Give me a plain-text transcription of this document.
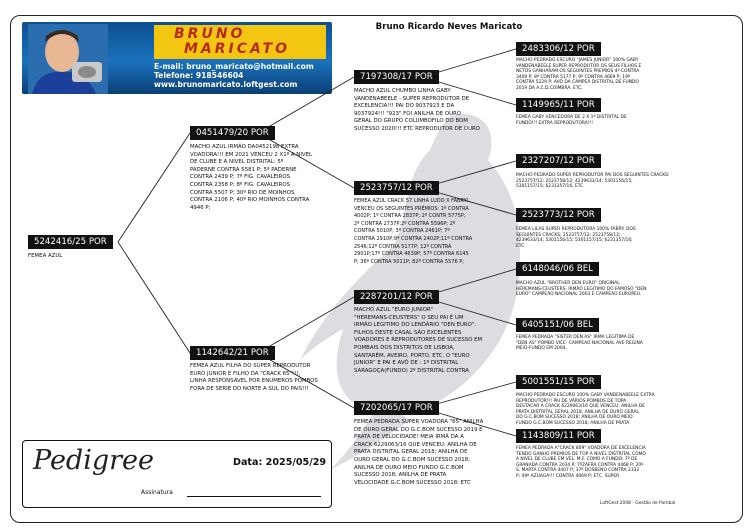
BRUNO
MARICATO
E-mail: bruno_maricato@hotmail.com
Telefone: 918546604
www.brunomaricato.loftgest.com
Bruno Ricardo Neves Maricato
5242416/25 POR
FEMEA AZUL
0451479/20 POR
MACHO AZUL IRMÃO DA0452196 EXTRA
VOADORA!!! EM 2021 VENCEU 2 X1º A NIVEL
DE CLUBE E A NIVEL DISTRITAL: 5º
PADERNE CONTRA 5581 P; 5º PADERNE
CONTRA 2439 P; 7º FIG. CAVALEIROS
CONTRA 2358 P; 8º FIG. CAVALEIROS
CONTRA 5507 P; 30º RIO DE MOINHOS
CONTRA 2106 P; 40º RIO MOINHOS CONTRA
4946 P;
1142642/21 POR
FEMEA AZUL FILHA DO SUPER REPRODUTOR
EURO JUNIOR E FILHO DA "CRACK 65"!!!,
LINHA RESPONSAVEL POR ENUMEROS POMBOS
FORA DE SERIE DO NORTE A SUL DO PAIS!!!
7197308/17 POR
MACHO AZUL CHUMBO LINHA GABY
VANDENABEELE - SUPER REPRODUTOR DE
EXCELENCIA!!! PAI DO 9037923 E DA
9037924!!! "923" FOI ANILHA DE OURO
GERAL DO GRUPO COLUMBOFILO DO BOM
SUCESSO 2020!!! ETC REPRODUTOR DE OURO
2523757/12 POR
FEMEA AZUL CRACK 57 LINHA LUDO X FABRY!
VENCEU OS SEGUINTES PRÉMIOS: 1º CONTRA
4002P; 1º CONTRA 2837P; 2º CONTR 5775P;
2º CONTRA 2737P;2º CONTRA 5596P; 2º
CONTRA 5010P; 3º CONTRA 2461P; 7º
CONTRA 2910P;9º CONTRA 2402P;11º CONTRA
2546;12º CONTRA 5177P; 12º CONTRA
2901P;17º CONTRA 4639P; 57º CONTRA 6145
P; 36º CONTRA 5011P; 82º CONTRA 5576 P;
2287201/12 POR
MACHO AZUL "EURO JUNIOR"
"HEREMANS-CEUSTERS" O SEU PAI É UM
IRMÃO LEGITIMO DO LENDÁRIO "DEN EURO".
FILHOS DESTE CASAL SÃO EXCELENTES
VOADORES E REPRODUTORES DE SUCESSO EM
POMBAIS DOS DISTRITOS DE LISBOA,
SANTARÉM, AVEIRO, PORTO, ETC. O "EURO
JUNIOR" E PAI E AVÔ DE : 1º DISTRITAL
SARAGOÇA(FUNDO) 2º DISTRITAL CONTRA
7202065/17 POR
FEMEA PEDRADA SUPER VOADORA "65" ANILHA
DE OURO GERAL DO G.C.BOM SUCESSO 2019 E
PRATA DE VELOCIDADE! MEIA IRMÃ DA A
CRACK 6229063/16 QUE VENCEU: ANILHA DE
PRATA DISTRITAL GERAL 2018; ANILHA DE
OURO GERAL DO G.C.BOM SUCESSO 2018;
ANILHA DE OURO MEIO FUNDO G.C.BOM
SUCESSO 2018; ANILHA DE PRATA
VELOCIDADE G.C.BOM SUCESSO 2018; ETC
2483306/12 POR
MACHO PEDRADO ESCURO "JAMES JUNIOR" 100% GABY
VANDENABEELE SUPER REPRODUTOR OS SEUS FILHOS E
NETOS GANHARAM OS SEGUINTES PREMIOS 4º CONTRA
3409 P; 8º CONTRA 5177 P; 9º CONTRA 4669 P; 19º
CONTRA 5229 P; AVÔ DA CAMPEÃ DISTRITAL DE FUNDO
2019 DA A.C.D.COIMBRA. ETC.
1149965/11 POR
FEMEA GABY VENCEDORA DE 2 X 1º DISTRITAL DE
FUNDO!!! EXTRA REPRODUTORA!!!
2327207/12 POR
MACHO PEDRADO SUPER REPRODUTOR PAI DOS SEGUINTES CRACKS:
2523757/12; 2523758/12; 4239633/14; 5301156/15;
5301157/15; 6231357/16; ETC
2523773/12 POR
FEMEA LILAS SUPER REPRODUTORA 100% FABRY. DOS
SEGUINTES CRACKS: 2523757/12; 2523758/12;
4239633/14; 5301156/15; 5301157/15; 6231357/16;
ETC
6148046/06 BEL
MACHO AZUL "BROTHER DEN EURO" ORIGINAL
HEREMANS-CEUSTERS. IRMÃO LEGITIMO DO FAMOSO "DEN
EURO" CAMPEÃO NACIONAL 2003 E CAMPEÃO EUROPEU.
6405151/06 BEL
FEMEA PEDRADA "SISTER DEN AS" IRMA LEGITIMA DE
"DEN AS" POMBO VICE- CAMPEAO NACIONAL AVE REGINA
MEIO-FUNDO EM 2004.
5001551/15 POR
MACHO PEDRADO ESCURO 100% GABY VANDENABEELE EXTRA
REPRODUTOR!!! PAI DE VÁRIOS POMBOS DE TOPA
DESTACAR A CRACK 6229063/16 QUE VENCEU: ANILHA DE
PRATA DISTRITAL GERAL 2018; ANILHA DE OURO GERAL
DO G.C.BOM SUCESSO 2018; ANILHA DE OURO MEIO
FUNDO G.C.BOM SUCESSO 2018; ANILHA DE PRATA
1143809/11 POR
FEMEA PEDRADA A"CRACK 809" VOADORA DE EXCELENCIA
TENDO GANHO PREMIOS DE TOP A NIVEL DISTRITAL COMO
A NIVEL DE CLUBE EM VEL. M.F. COMO A FUNDO: 7º DE
GRANADA CONTRA 2034 P; 7ºZAFRA CONTRA 4468 P; 20º
S. MARTA CONTRA 4407 P; 37º DOSBENO CONTRA 2332
P; 49º AZUAGA!!! CONTRA 4069 P; ETC. SUPER
Pedigree	Data: 2025/05/29
Assinatura
LoftGest 2008 - Gestão de Pombal
